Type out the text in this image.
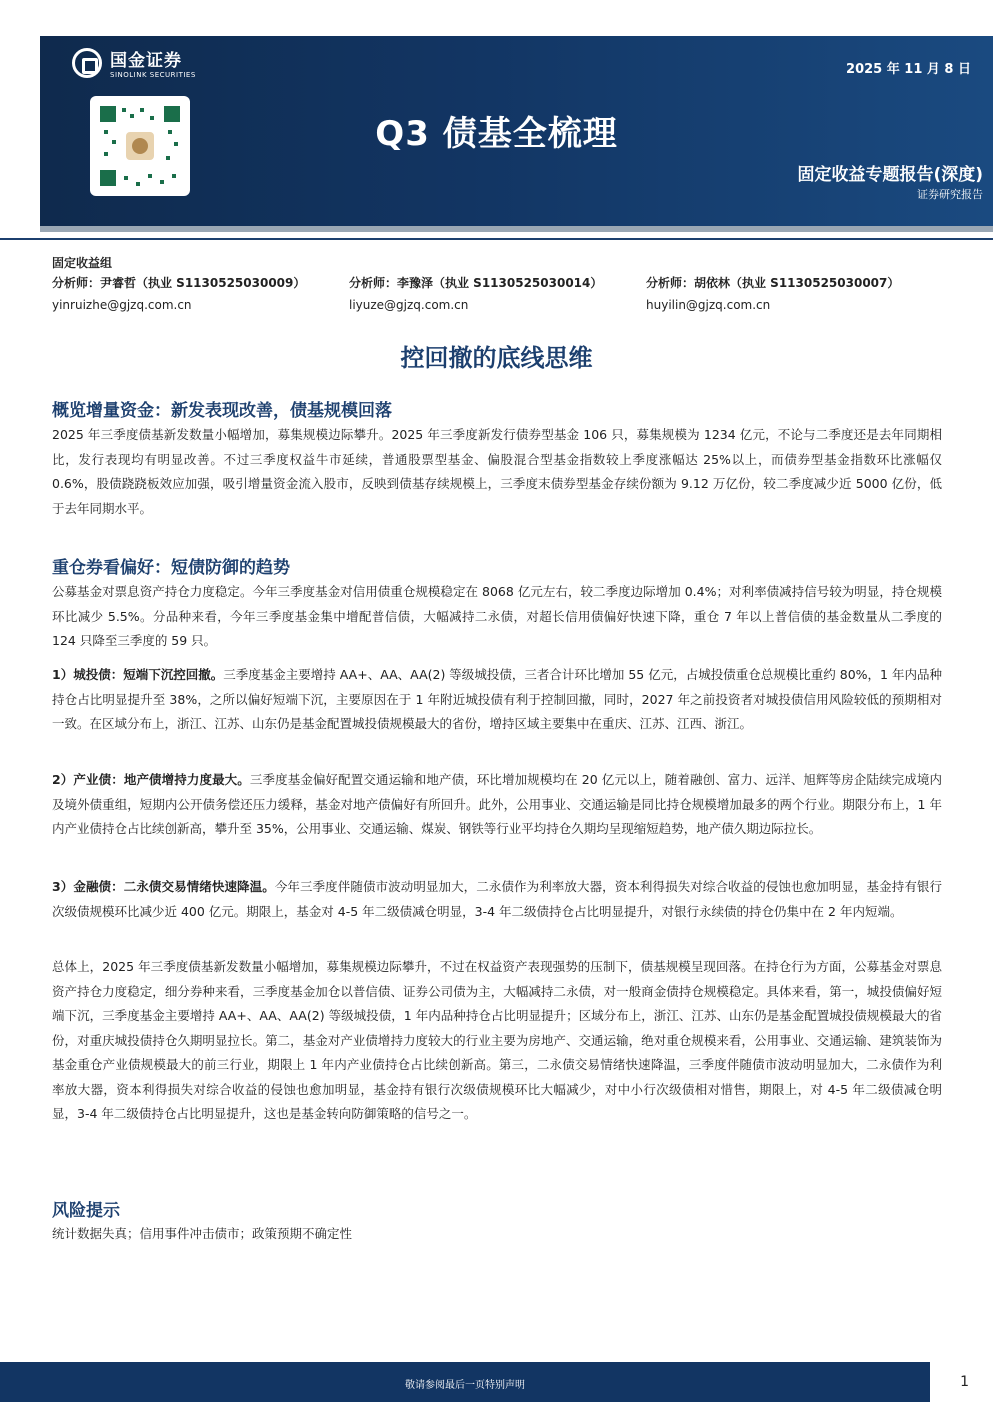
国金证券
SINOLINK SECURITIES	2025 年 11 月 8 日
Q3 债基全梳理
固定收益专题报告(深度)
证券研究报告
固定收益组
分析师：尹睿哲（执业 S1130525030009）
yinruizhe@gjzq.com.cn
分析师：李豫泽（执业 S1130525030014）
liyuze@gjzq.com.cn
分析师：胡依林（执业 S1130525030007）
huyilin@gjzq.com.cn
控回撤的底线思维
概览增量资金：新发表现改善，债基规模回落
2025 年三季度债基新发数量小幅增加，募集规模边际攀升。2025 年三季度新发行债券型基金 106 只，募集规模为 1234 亿元，不论与二季度还是去年同期相比，发行表现均有明显改善。不过三季度权益牛市延续，普通股票型基金、偏股混合型基金指数较上季度涨幅达 25%以上，而债券型基金指数环比涨幅仅 0.6%，股债跷跷板效应加强，吸引增量资金流入股市，反映到债基存续规模上，三季度末债券型基金存续份额为 9.12 万亿份，较二季度减少近 5000 亿份，低于去年同期水平。
重仓券看偏好：短债防御的趋势
公募基金对票息资产持仓力度稳定。今年三季度基金对信用债重仓规模稳定在 8068 亿元左右，较二季度边际增加 0.4%；对利率债减持信号较为明显，持仓规模环比减少 5.5%。分品种来看，今年三季度基金集中增配普信债，大幅减持二永债，对超长信用债偏好快速下降，重仓 7 年以上普信债的基金数量从二季度的 124 只降至三季度的 59 只。
1）城投债：短端下沉控回撤。三季度基金主要增持 AA+、AA、AA(2) 等级城投债，三者合计环比增加 55 亿元，占城投债重仓总规模比重约 80%，1 年内品种持仓占比明显提升至 38%，之所以偏好短端下沉，主要原因在于 1 年附近城投债有利于控制回撤，同时，2027 年之前投资者对城投债信用风险较低的预期相对一致。在区域分布上，浙江、江苏、山东仍是基金配置城投债规模最大的省份，增持区域主要集中在重庆、江苏、江西、浙江。
2）产业债：地产债增持力度最大。三季度基金偏好配置交通运输和地产债，环比增加规模均在 20 亿元以上，随着融创、富力、远洋、旭辉等房企陆续完成境内及境外债重组，短期内公开债务偿还压力缓释，基金对地产债偏好有所回升。此外，公用事业、交通运输是同比持仓规模增加最多的两个行业。期限分布上，1 年内产业债持仓占比续创新高，攀升至 35%，公用事业、交通运输、煤炭、钢铁等行业平均持仓久期均呈现缩短趋势，地产债久期边际拉长。
3）金融债：二永债交易情绪快速降温。今年三季度伴随债市波动明显加大，二永债作为利率放大器，资本利得损失对综合收益的侵蚀也愈加明显，基金持有银行次级债规模环比减少近 400 亿元。期限上，基金对 4-5 年二级债减仓明显，3-4 年二级债持仓占比明显提升，对银行永续债的持仓仍集中在 2 年内短端。
总体上，2025 年三季度债基新发数量小幅增加，募集规模边际攀升，不过在权益资产表现强势的压制下，债基规模呈现回落。在持仓行为方面，公募基金对票息资产持仓力度稳定，细分券种来看，三季度基金加仓以普信债、证券公司债为主，大幅减持二永债，对一般商金债持仓规模稳定。具体来看，第一，城投债偏好短端下沉，三季度基金主要增持 AA+、AA、AA(2) 等级城投债，1 年内品种持仓占比明显提升；区域分布上，浙江、江苏、山东仍是基金配置城投债规模最大的省份，对重庆城投债持仓久期明显拉长。第二，基金对产业债增持力度较大的行业主要为房地产、交通运输，绝对重仓规模来看，公用事业、交通运输、建筑装饰为基金重仓产业债规模最大的前三行业，期限上 1 年内产业债持仓占比续创新高。第三，二永债交易情绪快速降温，三季度伴随债市波动明显加大，二永债作为利率放大器，资本利得损失对综合收益的侵蚀也愈加明显，基金持有银行次级债规模环比大幅减少，对中小行次级债相对惜售，期限上，对 4-5 年二级债减仓明显，3-4 年二级债持仓占比明显提升，这也是基金转向防御策略的信号之一。
风险提示
统计数据失真；信用事件冲击债市；政策预期不确定性
敬请参阅最后一页特别声明	1
